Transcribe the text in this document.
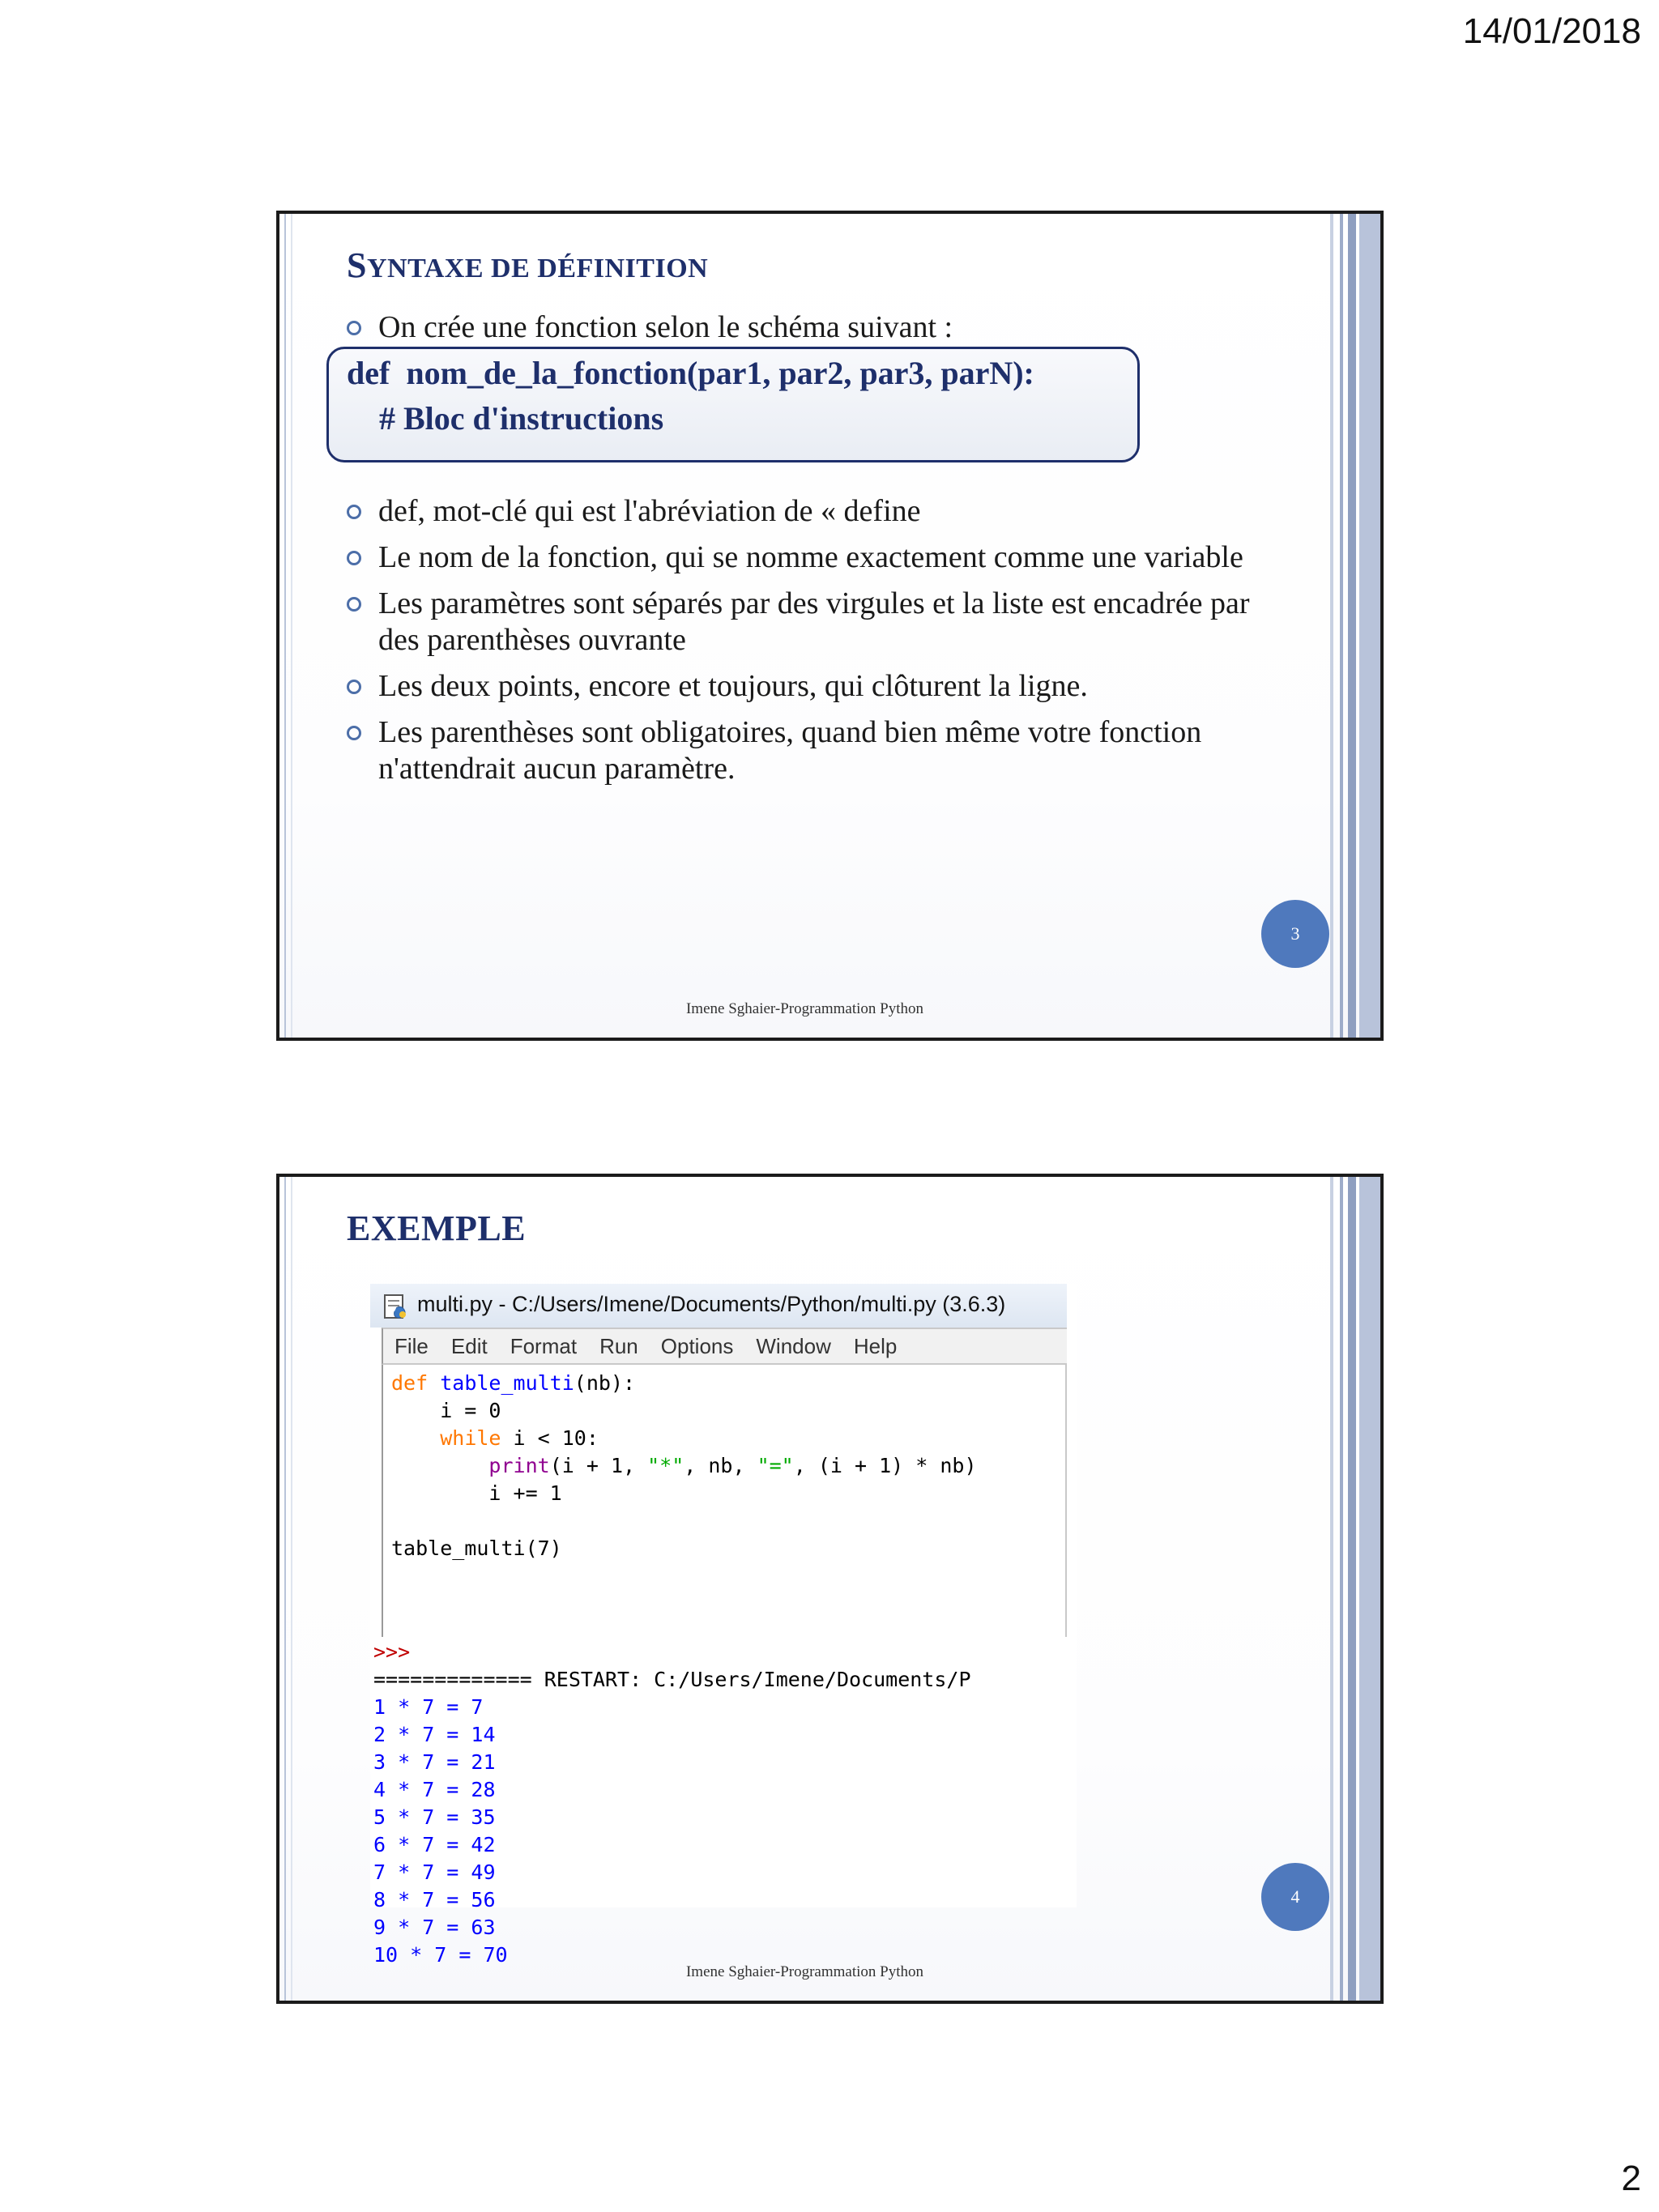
14/01/2018
SYNTAXE DE DÉFINITION
On crée une fonction selon le schéma suivant :
def  nom_de_la_fonction(par1, par2, par3, parN):
# Bloc d'instructions
def, mot-clé qui est l'abréviation de « define
Le nom de la fonction, qui se nomme exactement comme une variable
Les paramètres sont séparés par des virgules et la liste est encadrée par des parenthèses ouvrante
Les deux points, encore et toujours, qui clôturent la ligne.
Les parenthèses sont obligatoires, quand bien même votre fonction n'attendrait aucun paramètre.
3
Imene Sghaier-Programmation Python
EXEMPLE
multi.py - C:/Users/Imene/Documents/Python/multi.py (3.6.3)
File	Edit	Format	Run	Options	Window	Help
def table_multi(nb):
i = 0
while i < 10:
print(i + 1, "*", nb, "=", (i + 1) * nb)
i += 1

table_multi(7)
>>>
============= RESTART: C:/Users/Imene/Documents/P
1 * 7 = 7
2 * 7 = 14
3 * 7 = 21
4 * 7 = 28
5 * 7 = 35
6 * 7 = 42
7 * 7 = 49
8 * 7 = 56
9 * 7 = 63
10 * 7 = 70
4
Imene Sghaier-Programmation Python
2
